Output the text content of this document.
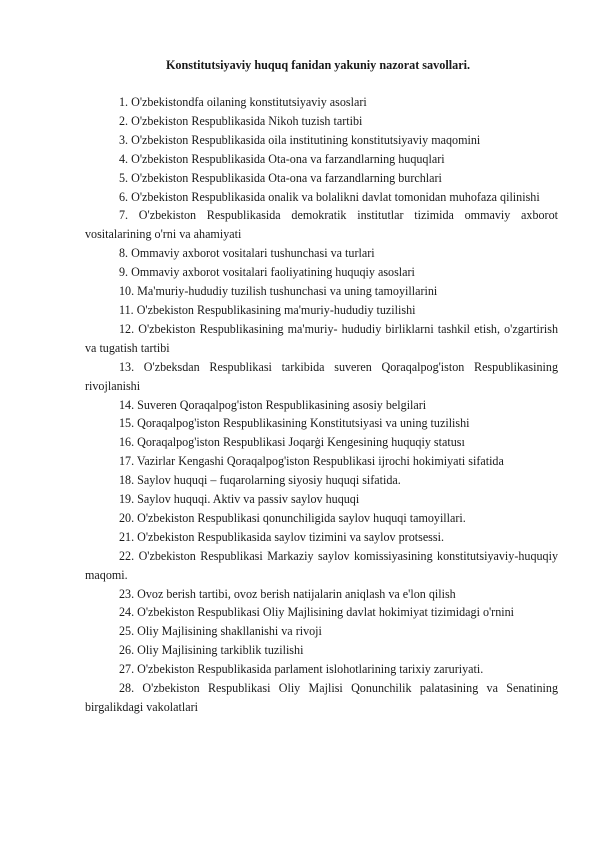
Konstitutsiyaviy huquq fanidan yakuniy nazorat savollari.

1. O'zbekistondfa oilaning konstitutsiyaviy asoslari

2. O'zbekiston Respublikasida Nikoh tuzish tartibi

3. O'zbekiston Respublikasida oila institutining konstitutsiyaviy maqomini

4. O'zbekiston Respublikasida Ota-ona va farzandlarning huquqlari

5. O'zbekiston Respublikasida Ota-ona va farzandlarning burchlari

6. O'zbekiston Respublikasida onalik va bolalikni davlat tomonidan muhofaza qilinishi

7. O'zbekiston Respublikasida demokratik institutlar tizimida ommaviy axborot vositalarining o'rni va ahamiyati

8. Ommaviy axborot vositalari tushunchasi va turlari

9. Ommaviy axborot vositalari faoliyatining huquqiy asoslari

10. Ma'muriy-hududiy tuzilish tushunchasi va uning tamoyillarini

11. O'zbekiston Respublikasining ma'muriy-hududiy tuzilishi

12. O'zbekiston Respublikasining ma'muriy- hududiy birliklarni tashkil etish, o'zgartirish va tugatish tartibi

13. O'zbeksdan Respublikasi tarkibida suveren Qoraqalpog'iston Respublikasining rivojlanishi

14. Suveren Qoraqalpog'iston Respublikasining asosiy belgilari

15. Qoraqalpog'iston Respublikasining Konstitutsiyasi va uning tuzilishi

16. Qoraqalpog'iston Respublikasi Joqarġi Kengesining huquqiy statusı

17. Vazirlar Kengashi Qoraqalpog'iston Respublikasi ijrochi hokimiyati sifatida

18. Saylov huquqi – fuqarolarning siyosiy huquqi sifatida.

19. Saylov huquqi. Aktiv va passiv saylov huquqi

20. O'zbekiston Respublikasi qonunchiligida saylov huquqi tamoyillari.

21. O'zbekiston Respublikasida saylov tizimini va saylov protsessi.

22. O'zbekiston Respublikasi Markaziy saylov komissiyasining konstitutsiyaviy-huquqiy maqomi.

23. Ovoz berish tartibi, ovoz berish natijalarin aniqlash va e'lon qilish

24. O'zbekiston Respublikasi Oliy Majlisining davlat hokimiyat tizimidagi o'rnini

25. Oliy Majlisining shakllanishi va rivoji

26. Oliy Majlisining tarkiblik tuzilishi

27. O'zbekiston Respublikasida parlament islohotlarining tarixiy zaruriyati.

28. O'zbekiston Respublikasi Oliy Majlisi Qonunchilik palatasining va Senatining birgalikdagi vakolatlari
